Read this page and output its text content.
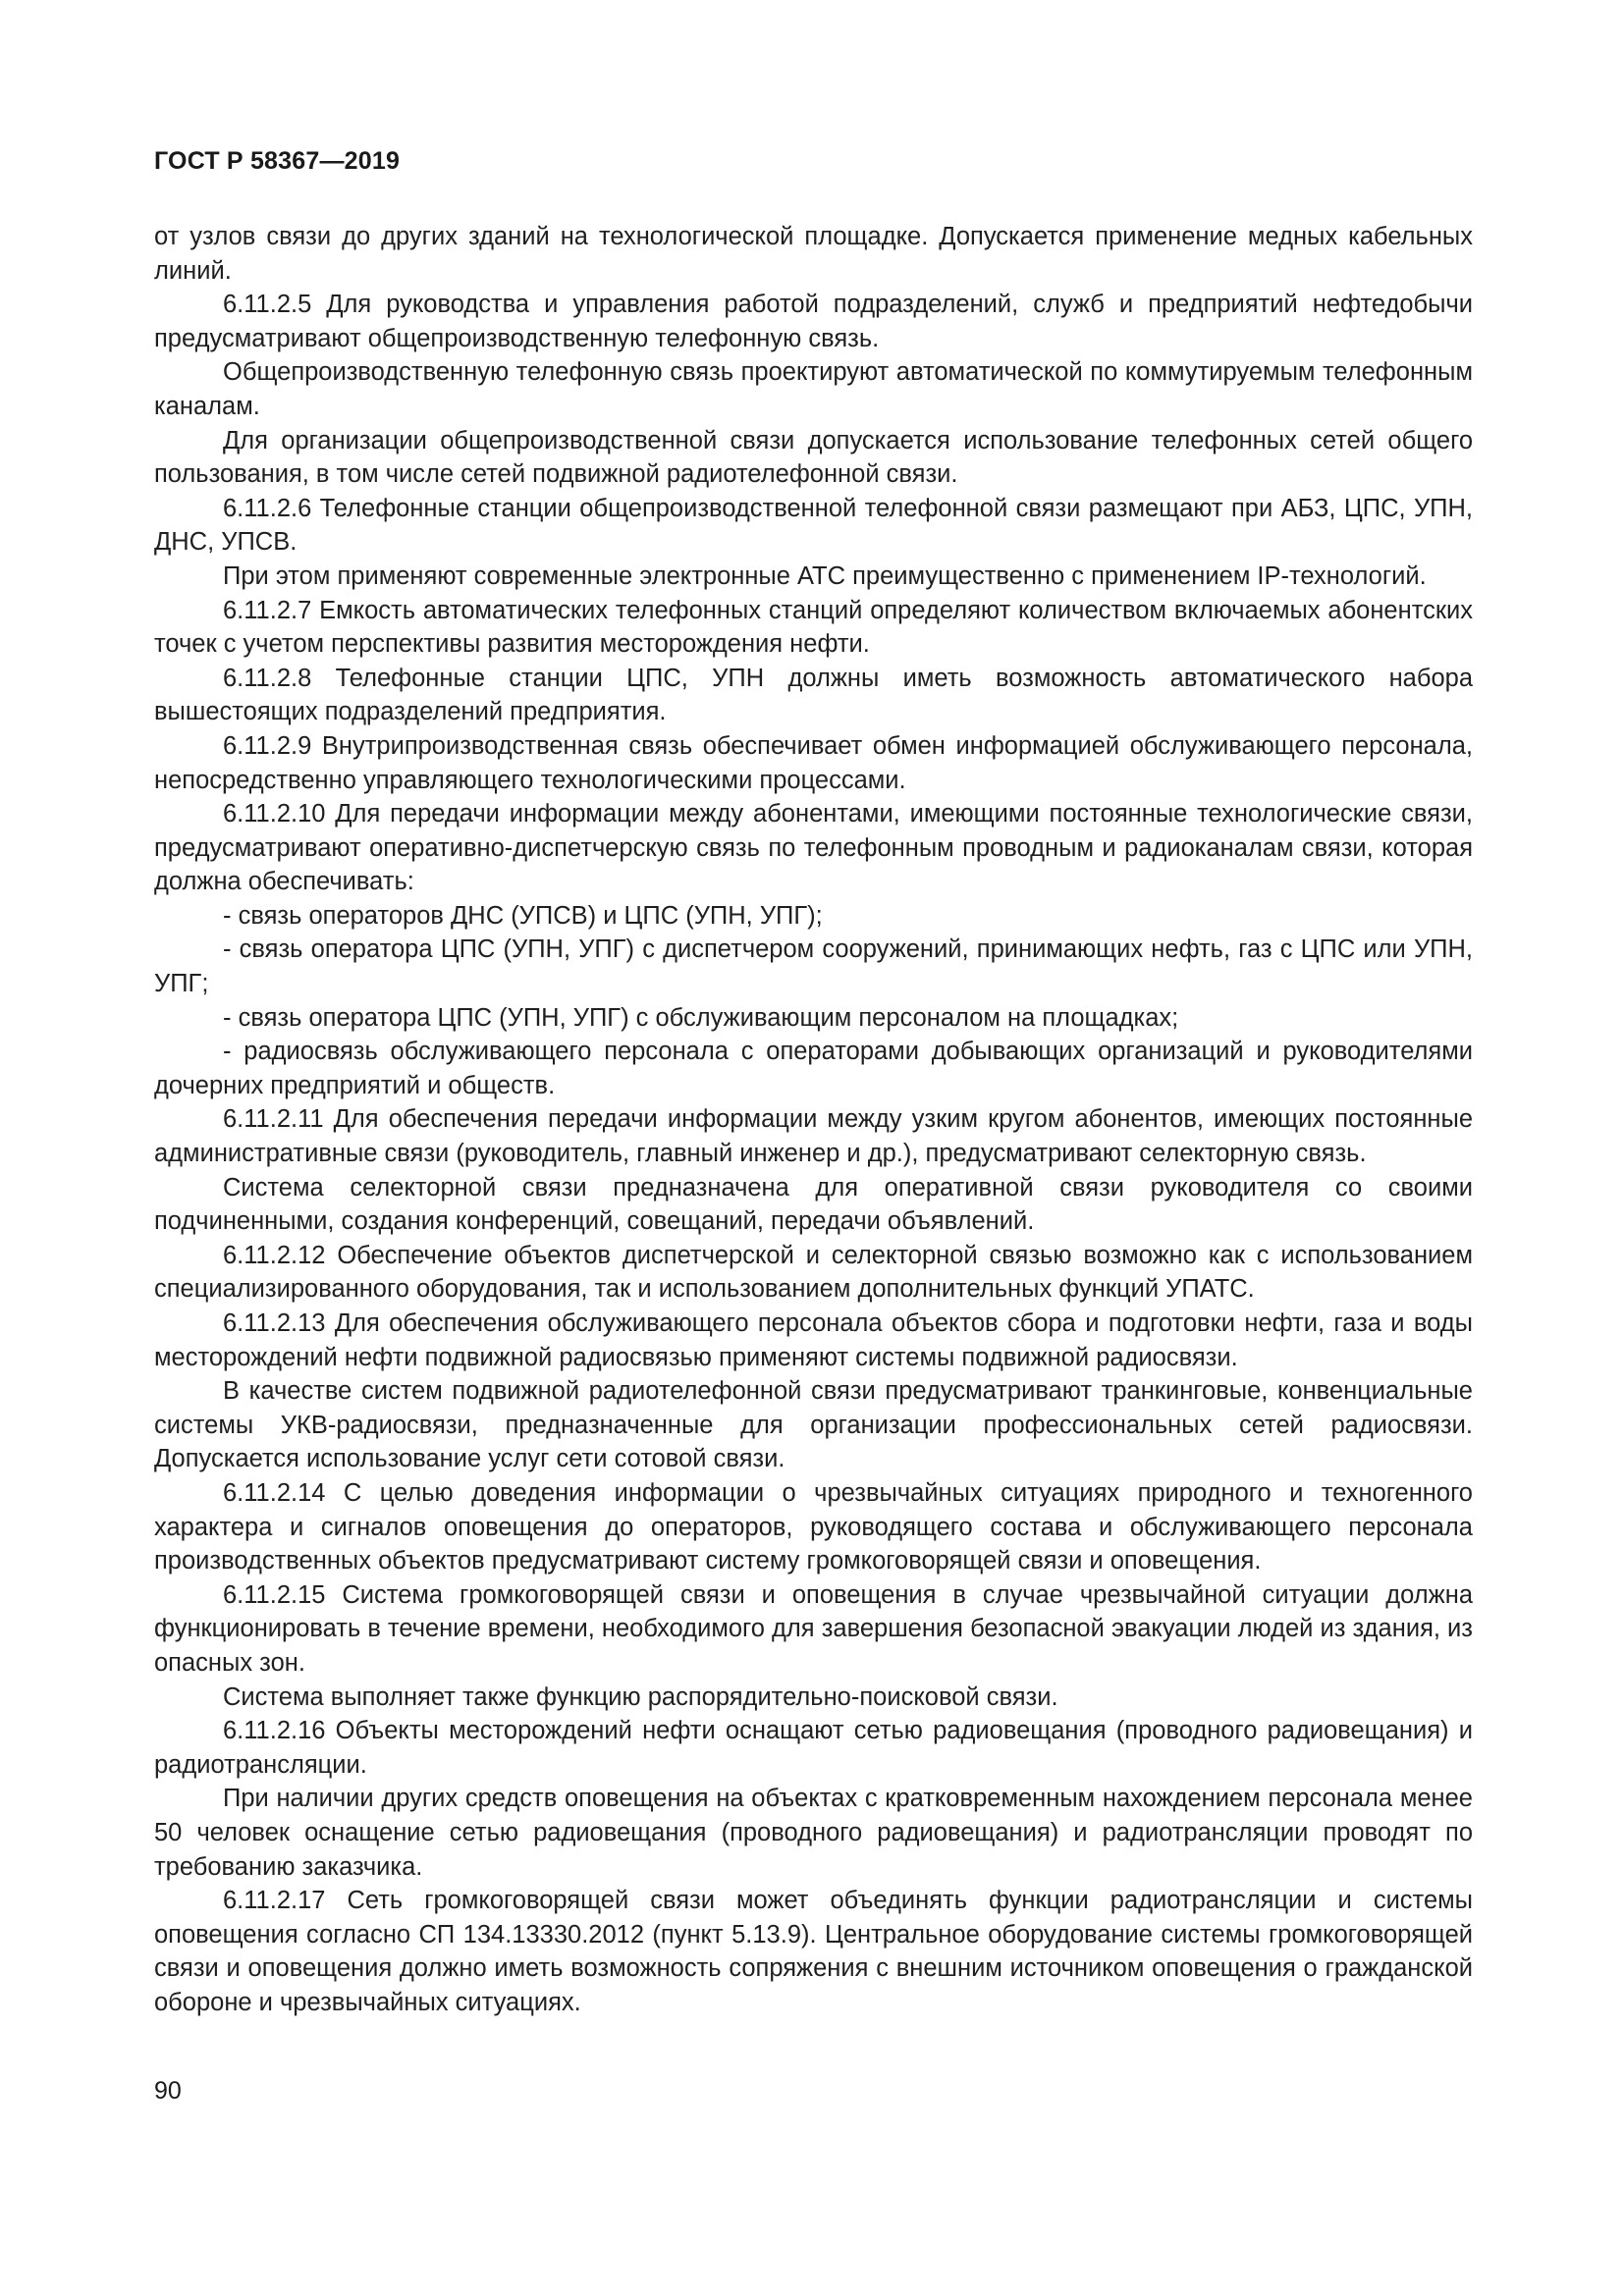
ГОСТ Р 58367—2019

от узлов связи до других зданий на технологической площадке. Допускается применение медных кабельных линий.

6.11.2.5 Для руководства и управления работой подразделений, служб и предприятий нефтедобычи предусматривают общепроизводственную телефонную связь.

Общепроизводственную телефонную связь проектируют автоматической по коммутируемым телефонным каналам.

Для организации общепроизводственной связи допускается использование телефонных сетей общего пользования, в том числе сетей подвижной радиотелефонной связи.

6.11.2.6 Телефонные станции общепроизводственной телефонной связи размещают при АБЗ, ЦПС, УПН, ДНС, УПСВ.

При этом применяют современные электронные АТС преимущественно с применением IP-технологий.

6.11.2.7 Емкость автоматических телефонных станций определяют количеством включаемых абонентских точек с учетом перспективы развития месторождения нефти.

6.11.2.8 Телефонные станции ЦПС, УПН должны иметь возможность автоматического набора вышестоящих подразделений предприятия.

6.11.2.9 Внутрипроизводственная связь обеспечивает обмен информацией обслуживающего персонала, непосредственно управляющего технологическими процессами.

6.11.2.10 Для передачи информации между абонентами, имеющими постоянные технологические связи, предусматривают оперативно-диспетчерскую связь по телефонным проводным и радиоканалам связи, которая должна обеспечивать:

- связь операторов ДНС (УПСВ) и ЦПС (УПН, УПГ);

- связь оператора ЦПС (УПН, УПГ) с диспетчером сооружений, принимающих нефть, газ с ЦПС или УПН, УПГ;

- связь оператора ЦПС (УПН, УПГ) с обслуживающим персоналом на площадках;

- радиосвязь обслуживающего персонала с операторами добывающих организаций и руководителями дочерних предприятий и обществ.

6.11.2.11 Для обеспечения передачи информации между узким кругом абонентов, имеющих постоянные административные связи (руководитель, главный инженер и др.), предусматривают селекторную связь.

Система селекторной связи предназначена для оперативной связи руководителя со своими подчиненными, создания конференций, совещаний, передачи объявлений.

6.11.2.12 Обеспечение объектов диспетчерской и селекторной связью возможно как с использованием специализированного оборудования, так и использованием дополнительных функций УПАТС.

6.11.2.13 Для обеспечения обслуживающего персонала объектов сбора и подготовки нефти, газа и воды месторождений нефти подвижной радиосвязью применяют системы подвижной радиосвязи.

В качестве систем подвижной радиотелефонной связи предусматривают транкинговые, конвенциальные системы УКВ-радиосвязи, предназначенные для организации профессиональных сетей радиосвязи. Допускается использование услуг сети сотовой связи.

6.11.2.14 С целью доведения информации о чрезвычайных ситуациях природного и техногенного характера и сигналов оповещения до операторов, руководящего состава и обслуживающего персонала производственных объектов предусматривают систему громкоговорящей связи и оповещения.

6.11.2.15 Система громкоговорящей связи и оповещения в случае чрезвычайной ситуации должна функционировать в течение времени, необходимого для завершения безопасной эвакуации людей из здания, из опасных зон.

Система выполняет также функцию распорядительно-поисковой связи.

6.11.2.16 Объекты месторождений нефти оснащают сетью радиовещания (проводного радиовещания) и радиотрансляции.

При наличии других средств оповещения на объектах с кратковременным нахождением персонала менее 50 человек оснащение сетью радиовещания (проводного радиовещания) и радиотрансляции проводят по требованию заказчика.

6.11.2.17 Сеть громкоговорящей связи может объединять функции радиотрансляции и системы оповещения согласно СП 134.13330.2012 (пункт 5.13.9). Центральное оборудование системы громкоговорящей связи и оповещения должно иметь возможность сопряжения с внешним источником оповещения о гражданской обороне и чрезвычайных ситуациях.

90
